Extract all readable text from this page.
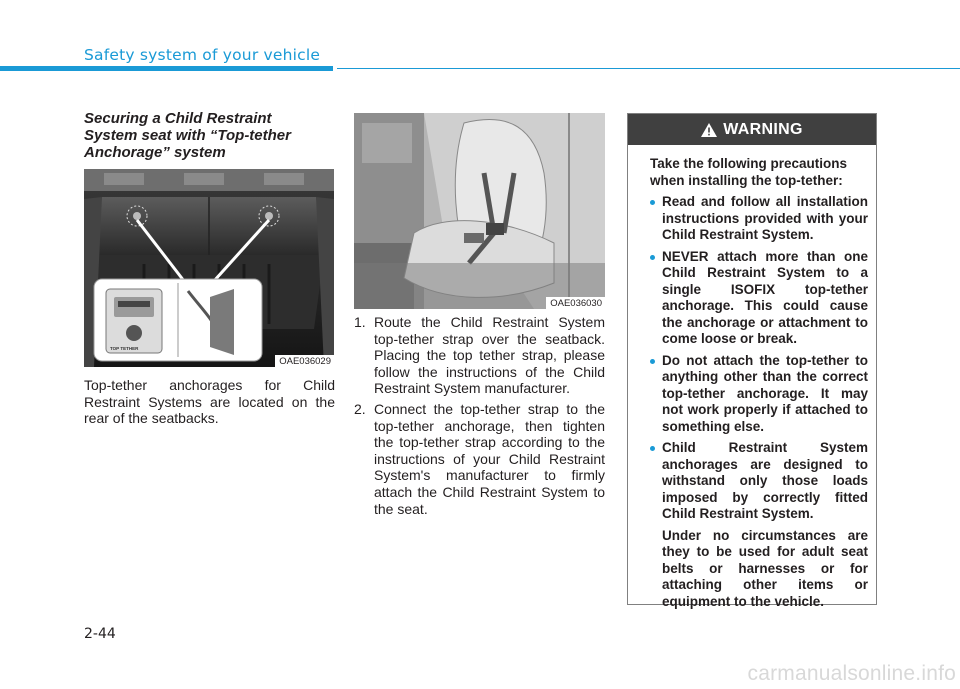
Safety system of your vehicle
Securing a Child Restraint System seat with “Top-tether Anchorage” system
OAE036029
TOP TETHER

Top-tether anchorages for Child Restraint Systems are located on the rear of the seatbacks.

OAE036030
1. Route the Child Restraint System top-tether strap over the seatback. Placing the top tether strap, please follow the instructions of the Child Restraint System manufacturer.
2. Connect the top-tether strap to the top-tether anchorage, then tighten the top-tether strap according to the instructions of your Child Restraint System's manufacturer to firmly attach the Child Restraint System to the seat.
WARNING

Take the following precautions when installing the top-tether:

Read and follow all installation instructions provided with your Child Restraint System.
NEVER attach more than one Child Restraint System to a single ISOFIX top-tether anchorage. This could cause the anchorage or attachment to come loose or break.
Do not attach the top-tether to anything other than the correct top-tether anchorage. It may not work properly if attached to something else.
Child Restraint System anchorages are designed to withstand only those loads imposed by correctly fitted Child Restraint System.

Under no circumstances are they to be used for adult seat belts or harnesses or for attaching other items or equipment to the vehicle.

2-44
carmanualsonline.info
